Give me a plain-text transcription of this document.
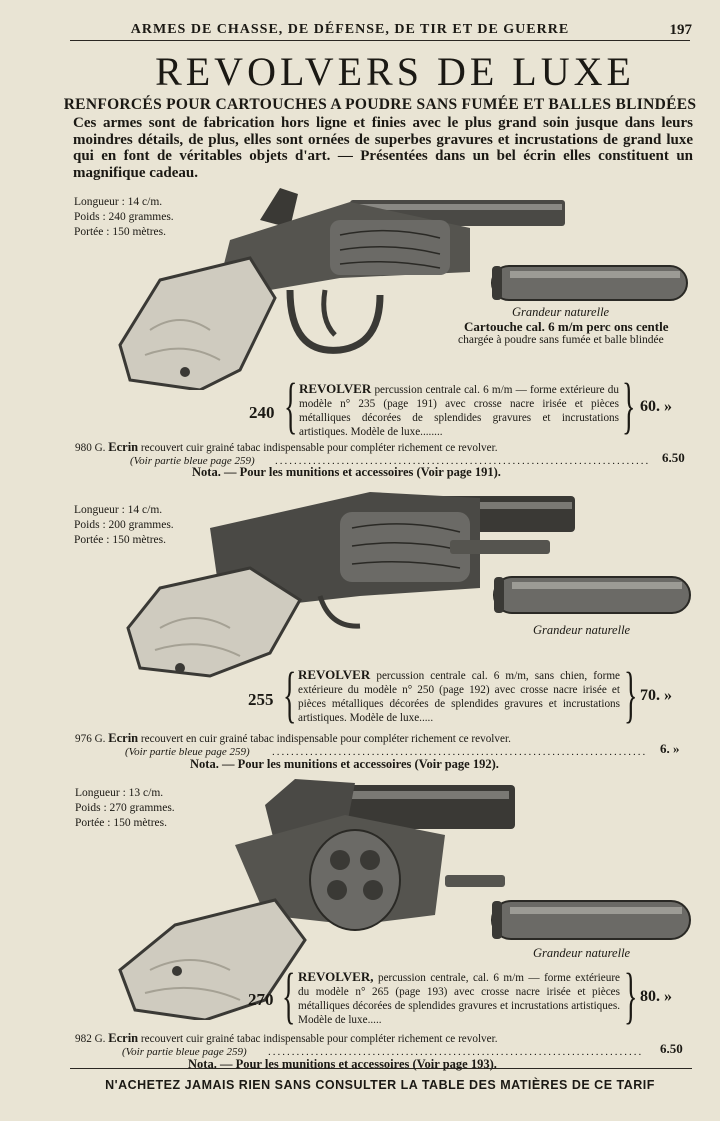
ARMES DE CHASSE, DE DÉFENSE, DE TIR ET DE GUERRE	197
REVOLVERS DE LUXE
RENFORCÉS POUR CARTOUCHES A POUDRE SANS FUMÉE ET BALLES BLINDÉES
Ces armes sont de fabrication hors ligne et finies avec le plus grand soin jusque dans leurs moindres détails, de plus, elles sont ornées de superbes gravures et incrustations de grand luxe qui en font de véritables objets d'art. — Présentées dans un bel écrin elles constituent un magnifique cadeau.
Longueur : 14 c/m.
Poids : 240 grammes.
Portée : 150 mètres.
Grandeur naturelle
Cartouche cal. 6 m/m perc ons centle
chargée à poudre sans fumée et balle blindée
240 { REVOLVER percussion centrale cal. 6 m/m — forme extérieure du modèle n° 235 (page 191) avec crosse nacre irisée et pièces métalliques décorées de splendides gravures et incrustations artistiques. Modèle de luxe........	} 60. »
980 G. Ecrin recouvert cuir grainé tabac indispensable pour compléter richement ce revolver.
(Voir partie bleue page 259) ............................................................................... 6.50
Nota. — Pour les munitions et accessoires (Voir page 191).
Longueur : 14 c/m.
Poids : 200 grammes.
Portée : 150 mètres.
Grandeur naturelle
255 { REVOLVER percussion centrale cal. 6 m/m, sans chien, forme extérieure du modèle n° 250 (page 192) avec crosse nacre irisée et pièces métalliques décorées de splendides gravures et incrustations artistiques. Modèle de luxe.....	} 70. »
976 G. Ecrin recouvert en cuir grainé tabac indispensable pour compléter richement ce revolver.
(Voir partie bleue page 259) ............................................................................... 6. »
Nota. — Pour les munitions et accessoires (Voir page 192).
Longueur : 13 c/m.
Poids : 270 grammes.
Portée : 150 mètres.
Grandeur naturelle
270 { REVOLVER, percussion centrale, cal. 6 m/m — forme extérieure du modèle n° 265 (page 193) avec crosse nacre irisée et pièces métalliques décorées de splendides gravures et incrustations artistiques. Modèle de luxe.....	} 80. »
982 G. Ecrin recouvert cuir grainé tabac indispensable pour compléter richement ce revolver.
(Voir partie bleue page 259) ...............................................................................	6.50
Nota. — Pour les munitions et accessoires (Voir page 193).
N'ACHETEZ JAMAIS RIEN SANS CONSULTER LA TABLE DES MATIÈRES DE CE TARIF
